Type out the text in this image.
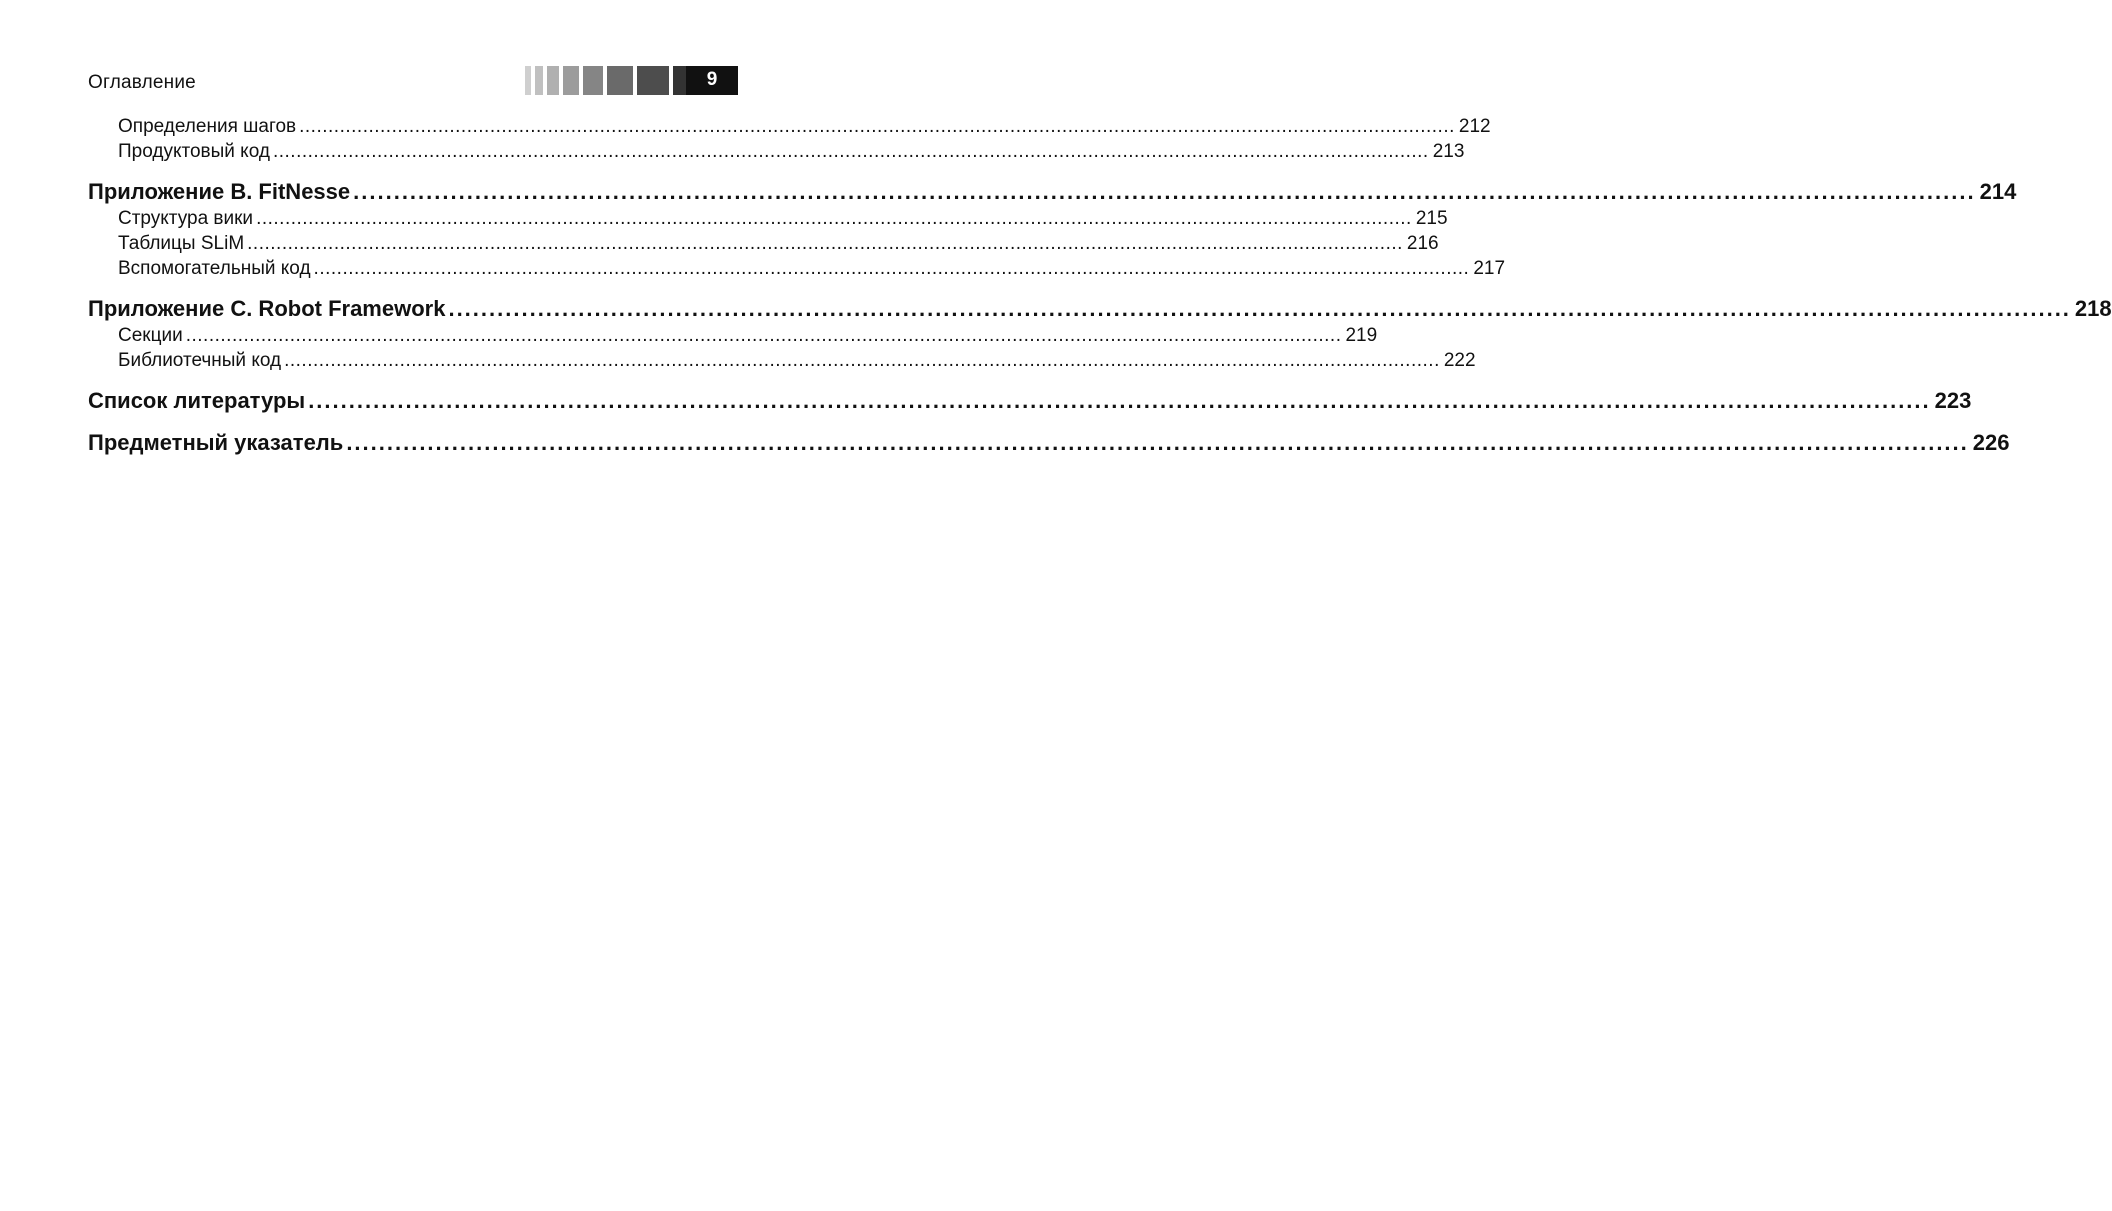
Оглавление	9
Определения шагов ........................................................................................................................................................................................................ 212
Продуктовый код ........................................................................................................................................................................................................ 213
Приложение B. FitNesse ........................................................................................................................................................................................................ 214
Структура вики ........................................................................................................................................................................................................ 215
Таблицы SLiM ........................................................................................................................................................................................................ 216
Вспомогательный код ........................................................................................................................................................................................................ 217
Приложение C. Robot Framework ........................................................................................................................................................................................................ 218
Секции ........................................................................................................................................................................................................ 219
Библиотечный код ........................................................................................................................................................................................................ 222
Список литературы ........................................................................................................................................................................................................ 223
Предметный указатель ........................................................................................................................................................................................................ 226
